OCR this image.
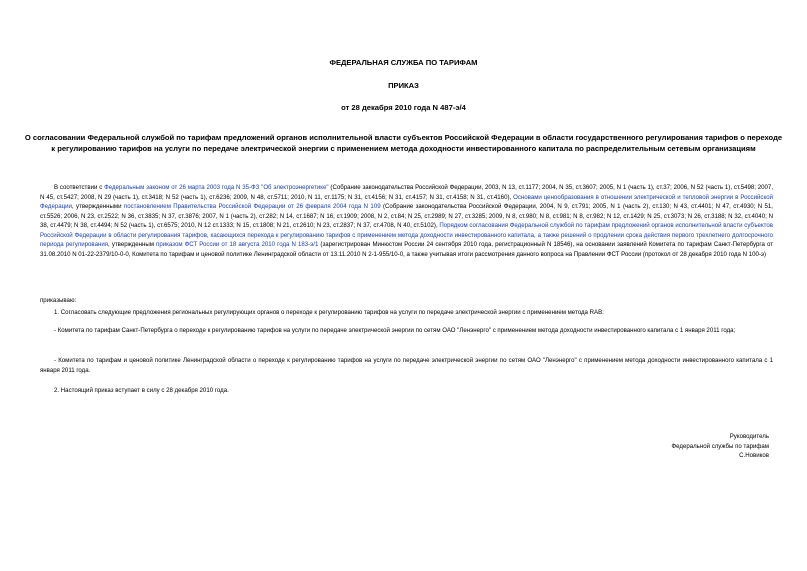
ФЕДЕРАЛЬНАЯ СЛУЖБА ПО ТАРИФАМ

ПРИКАЗ

от 28 декабря 2010 года N 487-э/4

О согласовании Федеральной службой по тарифам предложений органов исполнительной власти субъектов Российской Федерации в области государственного регулирования тарифов о переходе к регулированию тарифов на услуги по передаче электрической энергии с применением метода доходности инвестированного капитала по распределительным сетевым организациям

В соответствии с Федеральным законом от 26 марта 2003 года N 35-ФЗ "Об электроэнергетике" (Собрание законодательства Российской Федерации, 2003, N 13, ст.1177; 2004, N 35, ст.3607; 2005, N 1 (часть 1), ст.37; 2006, N 52 (часть 1), ст.5498; 2007, N 45, ст.5427; 2008, N 29 (часть 1), ст.3418; N 52 (часть 1), ст.6236; 2009, N 48, ст.5711; 2010, N 11, ст.1175; N 31, ст.4156; N 31, ст.4157; N 31, ст.4158; N 31, ст.4160), Основами ценообразования в отношении электрической и тепловой энергии в Российской Федерации, утвержденными постановлением Правительства Российской Федерации от 26 февраля 2004 года N 109 (Собрание законодательства Российской Федерации, 2004, N 9, ст.791; 2005, N 1 (часть 2), ст.130; N 43, ст.4401; N 47, ст.4930; N 51, ст.5526; 2006, N 23, ст.2522; N 36, ст.3835; N 37, ст.3876; 2007, N 1 (часть 2), ст.282; N 14, ст.1687; N 16, ст.1909; 2008, N 2, ст.84; N 25, ст.2989; N 27, ст.3285; 2009, N 8, ст.980; N 8, ст.981; N 8, ст.982; N 12, ст.1429; N 25, ст.3073; N 26, ст.3188; N 32, ст.4040; N 38, ст.4479; N 38, ст.4494; N 52 (часть 1), ст.6575; 2010, N 12 ст.1333; N 15, ст.1808; N 21, ст.2610; N 23, ст.2837; N 37, ст.4708, N 40, ст.5102), Порядком согласования Федеральной службой по тарифам предложений органов исполнительной власти субъектов Российской Федерации в области регулирования тарифов, касающихся перехода к регулированию тарифов с применением метода доходности инвестированного капитала, а также решений о продлении срока действия первого трехлетнего долгосрочного периода регулирования, утвержденным приказом ФСТ России от 18 августа 2010 года N 183-э/1 (зарегистрирован Минюстом России 24 сентября 2010 года, регистрационный N 18546), на основании заявлений Комитета по тарифам Санкт-Петербурга от 31.08.2010 N 01-22-2379/10-0-0, Комитета по тарифам и ценовой политике Ленинградской области от 13.11.2010 N 2-1-955/10-0, а также учитывая итоги рассмотрения данного вопроса на Правлении ФСТ России (протокол от 28 декабря 2010 года N 100-э)

приказываю:

1. Согласовать следующие предложения региональных регулирующих органов о переходе к регулированию тарифов на услуги по передаче электрической энергии с применением метода RAB:

- Комитета по тарифам Санкт-Петербурга о переходе к регулированию тарифов на услуги по передаче электрической энергии по сетям ОАО "Ленэнерго" с применением метода доходности инвестированного капитала с 1 января 2011 года;

- Комитета по тарифам и ценовой политике Ленинградской области о переходе к регулированию тарифов на услуги по передаче электрической энергии по сетям ОАО "Ленэнерго" с применением метода доходности инвестированного капитала с 1 января 2011 года.

2. Настоящий приказ вступает в силу с 28 декабря 2010 года.

Руководитель
Федеральной службы по тарифам
С.Новиков
